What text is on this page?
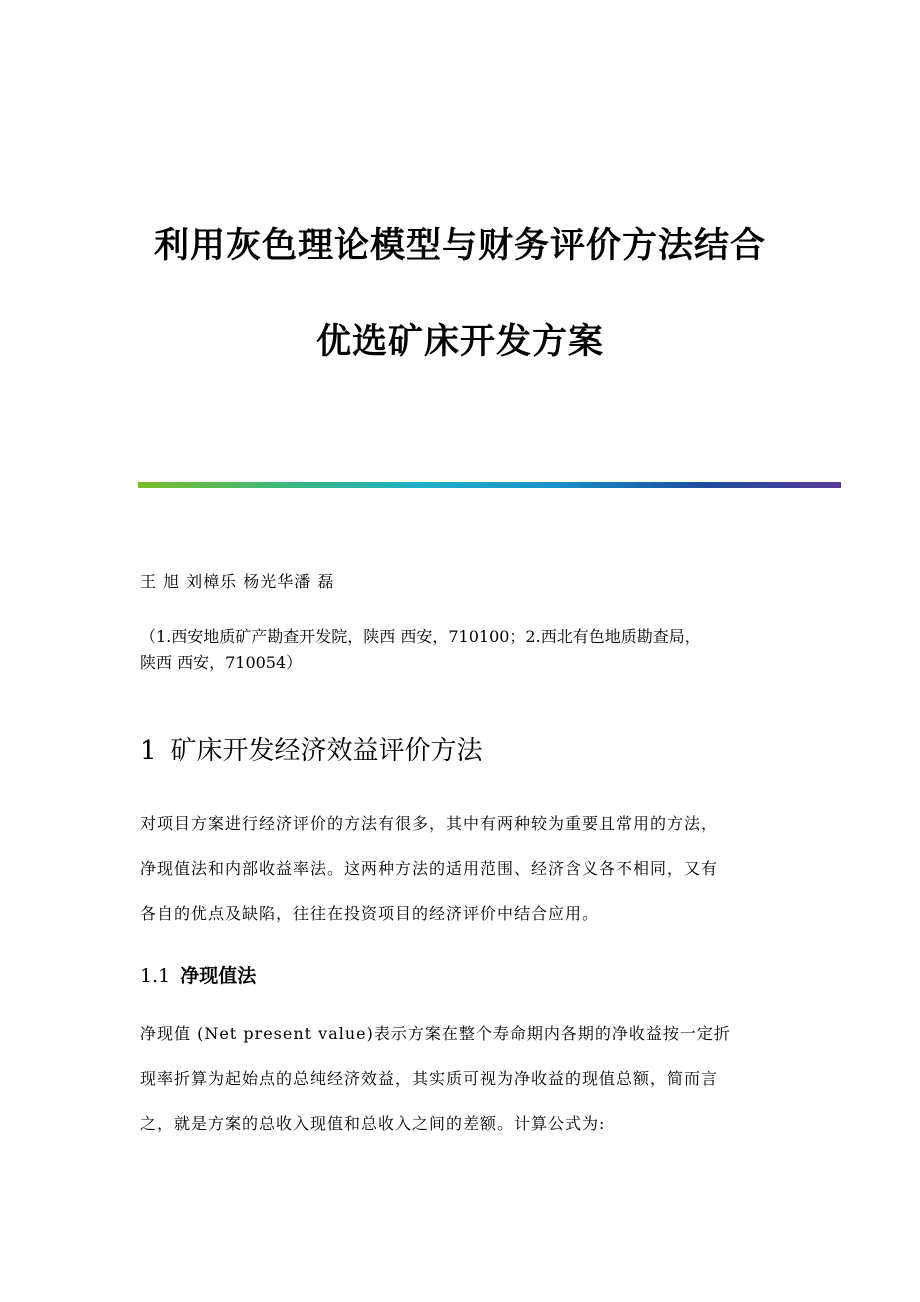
利用灰色理论模型与财务评价方法结合
优选矿床开发方案
王 旭 刘樟乐 杨光华潘 磊
（1.西安地质矿产勘查开发院，陕西 西安，710100；2.西北有色地质勘查局，
陕西 西安，710054）
1 矿床开发经济效益评价方法
对项目方案进行经济评价的方法有很多，其中有两种较为重要且常用的方法，
净现值法和内部收益率法。这两种方法的适用范围、经济含义各不相同，又有
各自的优点及缺陷，往往在投资项目的经济评价中结合应用。
1.1 净现值法
净现值 (Net present value)表示方案在整个寿命期内各期的净收益按一定折
现率折算为起始点的总纯经济效益，其实质可视为净收益的现值总额，简而言
之，就是方案的总收入现值和总收入之间的差额。计算公式为:
